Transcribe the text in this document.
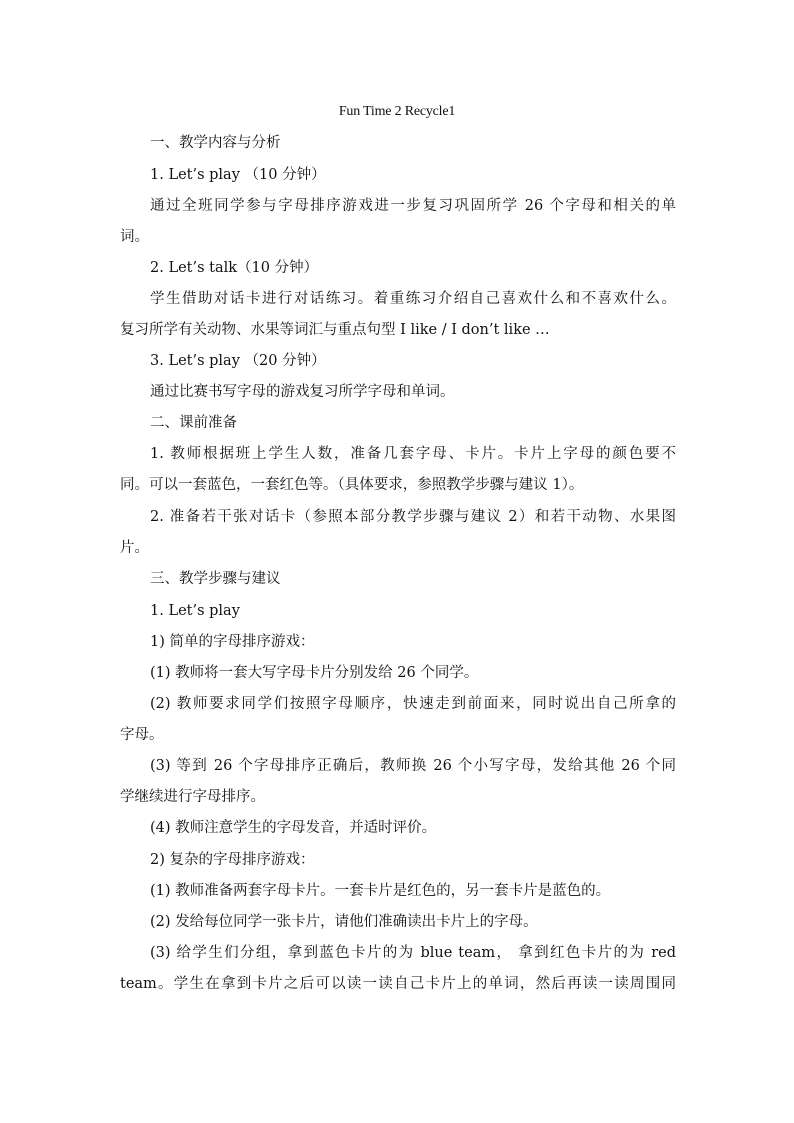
Fun Time 2 Recycle1
一、教学内容与分析
1. Let’s play （10 分钟）
通过全班同学参与字母排序游戏进一步复习巩固所学 26 个字母和相关的单
词。
2. Let’s talk（10 分钟）
学生借助对话卡进行对话练习。着重练习介绍自己喜欢什么和不喜欢什么。
复习所学有关动物、水果等词汇与重点句型 I like / I don’t like …
3. Let’s play （20 分钟）
通过比赛书写字母的游戏复习所学字母和单词。
二、课前准备
1. 教师根据班上学生人数，准备几套字母、卡片。卡片上字母的颜色要不
同。可以一套蓝色，一套红色等。（具体要求，参照教学步骤与建议 1）。
2. 准备若干张对话卡（参照本部分教学步骤与建议 2）和若干动物、水果图
片。
三、教学步骤与建议
1. Let’s play
1) 简单的字母排序游戏：
(1) 教师将一套大写字母卡片分别发给 26 个同学。
(2) 教师要求同学们按照字母顺序，快速走到前面来，同时说出自己所拿的
字母。
(3) 等到 26 个字母排序正确后，教师换 26 个小写字母，发给其他 26 个同
学继续进行字母排序。
(4) 教师注意学生的字母发音，并适时评价。
2) 复杂的字母排序游戏：
(1) 教师准备两套字母卡片。一套卡片是红色的，另一套卡片是蓝色的。
(2) 发给每位同学一张卡片，请他们准确读出卡片上的字母。
(3) 给学生们分组，拿到蓝色卡片的为 blue team， 拿到红色卡片的为 red
team。学生在拿到卡片之后可以读一读自己卡片上的单词，然后再读一读周围同
